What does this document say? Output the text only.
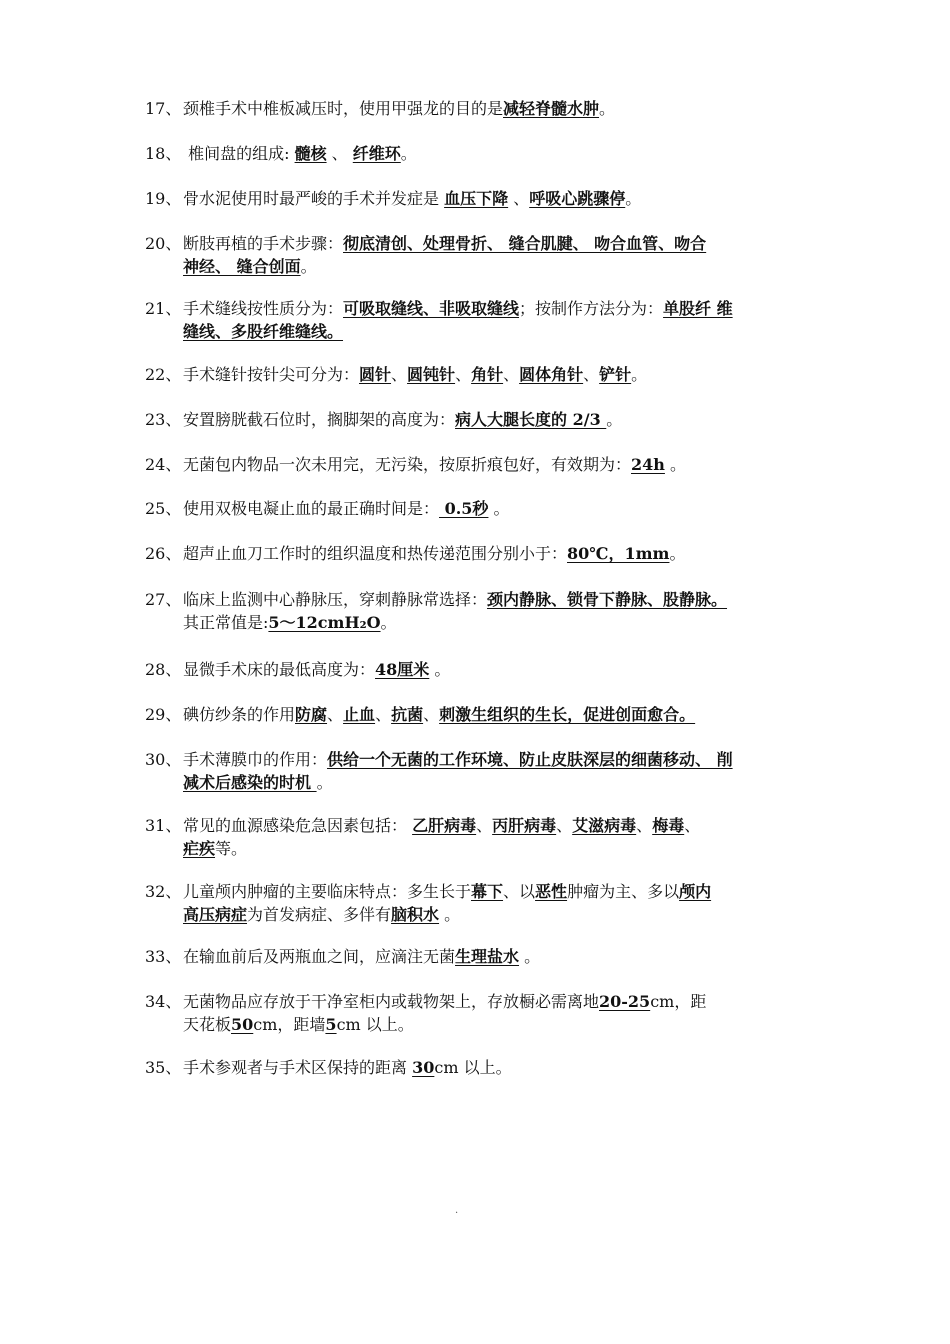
17、 颈椎手术中椎板减压时，使用甲强龙的目的是减轻脊髓水肿。
18、 椎间盘的组成: 髓核 、 纤维环。
19、 骨水泥使用时最严峻的手术并发症是 血压下降 、呼吸心跳骤停。
20、 断肢再植的手术步骤：彻底清创、处理骨折、 缝合肌腱、 吻合血管、吻合
神经、 缝合创面。
21、 手术缝线按性质分为：可吸取缝线、非吸取缝线；按制作方法分为：单股纤 维
缝线、多股纤维缝线。
22、 手术缝针按针尖可分为：圆针、圆钝针、角针、圆体角针、铲针。
23、 安置膀胱截石位时，搁脚架的高度为：病人大腿长度的 2/3 。
24、 无菌包内物品一次未用完，无污染，按原折痕包好，有效期为：24h 。
25、 使用双极电凝止血的最正确时间是： 0.5秒 。
26、 超声止血刀工作时的组织温度和热传递范围分别小于：80℃，1mm。
27、 临床上监测中心静脉压，穿刺静脉常选择：颈内静脉、锁骨下静脉、股静脉。
其正常值是:5～12cmH₂O。
28、 显微手术床的最低高度为：48厘米 。
29、 碘仿纱条的作用防腐、止血、抗菌、刺激生组织的生长，促进创面愈合。
30、 手术薄膜巾的作用：供给一个无菌的工作环境、防止皮肤深层的细菌移动、 削
减术后感染的时机 。
31、 常见的血源感染危急因素包括： 乙肝病毒、丙肝病毒、艾滋病毒、梅毒、
疟疾等。
32、 儿童颅内肿瘤的主要临床特点：多生长于幕下、以恶性肿瘤为主、多以颅内
高压病症为首发病症、多伴有脑积水 。
33、 在输血前后及两瓶血之间，应滴注无菌生理盐水 。
34、 无菌物品应存放于干净室柜内或载物架上，存放橱必需离地20-25cm，距
天花板50cm，距墙5cm 以上。
35、 手术参观者与手术区保持的距离 30cm 以上。
.
